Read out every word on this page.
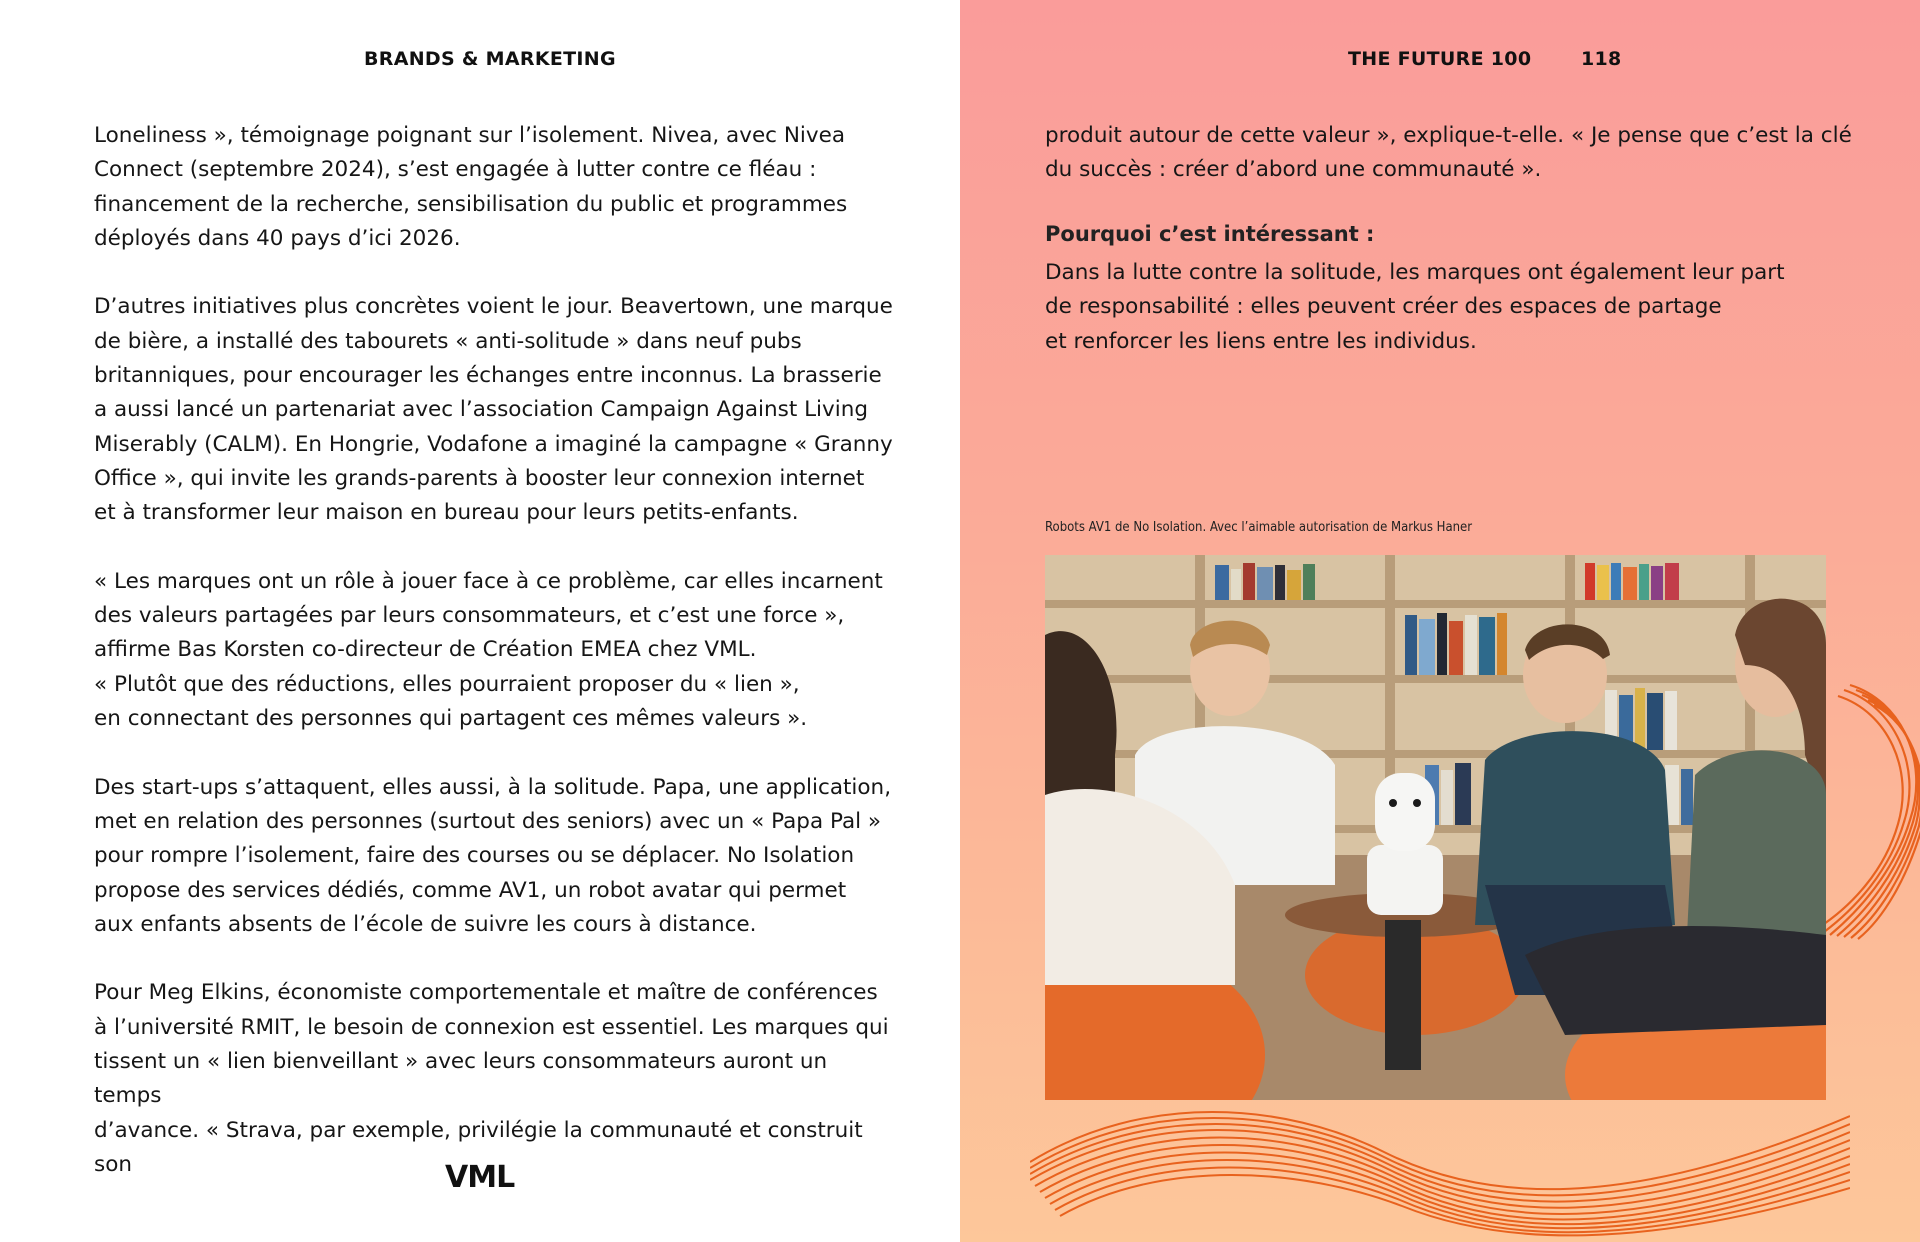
BRANDS & MARKETING

Loneliness », témoignage poignant sur l’isolement. Nivea, avec Nivea
Connect (septembre 2024), s’est engagée à lutter contre ce fléau :
financement de la recherche, sensibilisation du public et programmes
déployés dans 40 pays d’ici 2026.

D’autres initiatives plus concrètes voient le jour. Beavertown, une marque
de bière, a installé des tabourets « anti-solitude » dans neuf pubs
britanniques, pour encourager les échanges entre inconnus. La brasserie
a aussi lancé un partenariat avec l’association Campaign Against Living
Miserably (CALM). En Hongrie, Vodafone a imaginé la campagne « Granny
Office », qui invite les grands-parents à booster leur connexion internet
et à transformer leur maison en bureau pour leurs petits-enfants.

« Les marques ont un rôle à jouer face à ce problème, car elles incarnent
des valeurs partagées par leurs consommateurs, et c’est une force »,
affirme Bas Korsten co-directeur de Création EMEA chez VML.
« Plutôt que des réductions, elles pourraient proposer du « lien »,
en connectant des personnes qui partagent ces mêmes valeurs ».

Des start-ups s’attaquent, elles aussi, à la solitude. Papa, une application,
met en relation des personnes (surtout des seniors) avec un « Papa Pal »
pour rompre l’isolement, faire des courses ou se déplacer. No Isolation
propose des services dédiés, comme AV1, un robot avatar qui permet
aux enfants absents de l’école de suivre les cours à distance.

Pour Meg Elkins, économiste comportementale et maître de conférences
à l’université RMIT, le besoin de connexion est essentiel. Les marques qui
tissent un « lien bienveillant » avec leurs consommateurs auront un temps
d’avance. « Strava, par exemple, privilégie la communauté et construit son	VML
THE FUTURE 100	118

produit autour de cette valeur », explique-t-elle. « Je pense que c’est la clé
du succès : créer d’abord une communauté ».

Pourquoi c’est intéressant :
Dans la lutte contre la solitude, les marques ont également leur part
de responsabilité : elles peuvent créer des espaces de partage
et renforcer les liens entre les individus.
Robots AV1 de No Isolation. Avec l’aimable autorisation de Markus Haner
